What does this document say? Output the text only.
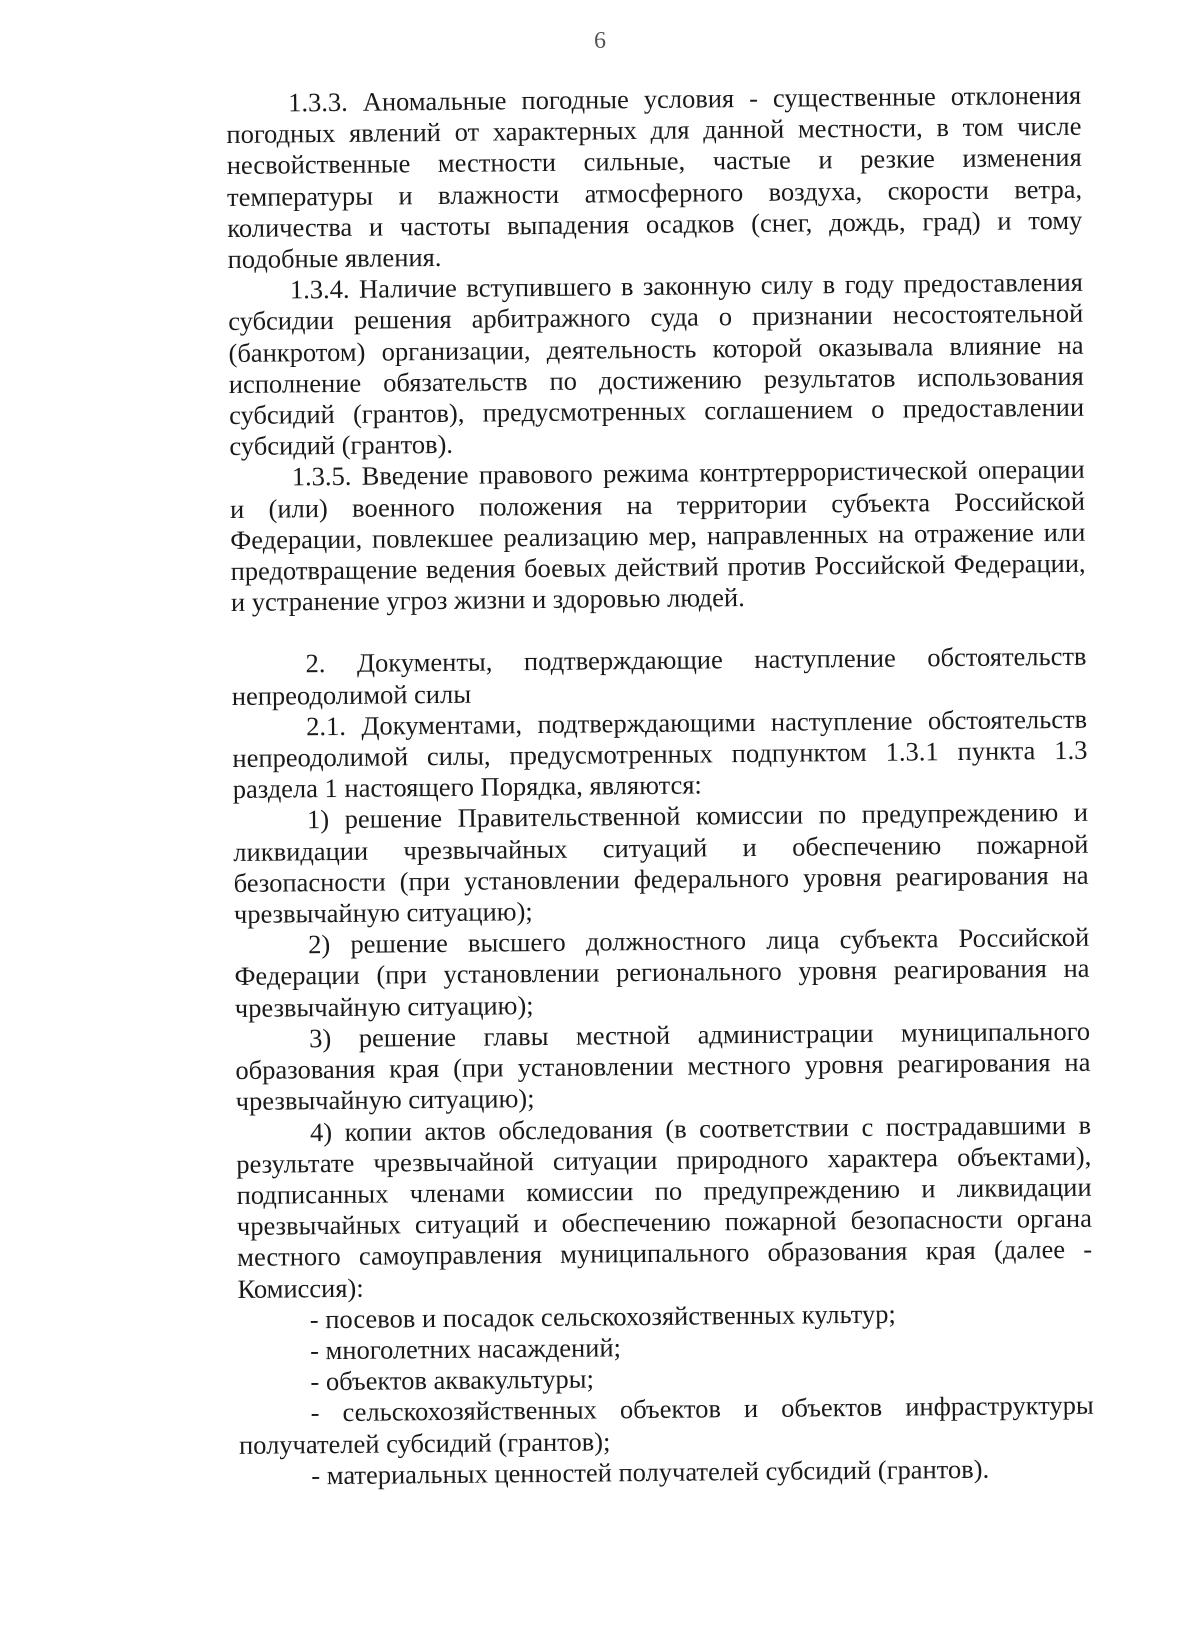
6

1.3.3. Аномальные погодные условия - существенные отклонения погодных явлений от характерных для данной местности, в том числе несвойственные местности сильные, частые и резкие изменения температуры и влажности атмосферного воздуха, скорости ветра, количества и частоты выпадения осадков (снег, дождь, град) и тому подобные явления.

1.3.4. Наличие вступившего в законную силу в году предоставления субсидии решения арбитражного суда о признании несостоятельной (банкротом) организации, деятельность которой оказывала влияние на исполнение обязательств по достижению результатов использования субсидий (грантов), предусмотренных соглашением о предоставлении субсидий (грантов).

1.3.5. Введение правового режима контртеррористической операции и (или) военного положения на территории субъекта Российской Федерации, повлекшее реализацию мер, направленных на отражение или предотвращение ведения боевых действий против Российской Федерации, и устранение угроз жизни и здоровью людей.

2. Документы, подтверждающие наступление обстоятельств непреодолимой силы

2.1. Документами, подтверждающими наступление обстоятельств непреодолимой силы, предусмотренных подпунктом 1.3.1 пункта 1.3 раздела 1 настоящего Порядка, являются:

1) решение Правительственной комиссии по предупреждению и ликвидации чрезвычайных ситуаций и обеспечению пожарной безопасности (при установлении федерального уровня реагирования на чрезвычайную ситуацию);

2) решение высшего должностного лица субъекта Российской Федерации (при установлении регионального уровня реагирования на чрезвычайную ситуацию);

3) решение главы местной администрации муниципального образования края (при установлении местного уровня реагирования на чрезвычайную ситуацию);

4) копии актов обследования (в соответствии с пострадавшими в результате чрезвычайной ситуации природного характера объектами), подписанных членами комиссии по предупреждению и ликвидации чрезвычайных ситуаций и обеспечению пожарной безопасности органа местного самоуправления муниципального образования края (далее - Комиссия):

- посевов и посадок сельскохозяйственных культур;

- многолетних насаждений;

- объектов аквакультуры;

- сельскохозяйственных объектов и объектов инфраструктуры получателей субсидий (грантов);

- материальных ценностей получателей субсидий (грантов).
